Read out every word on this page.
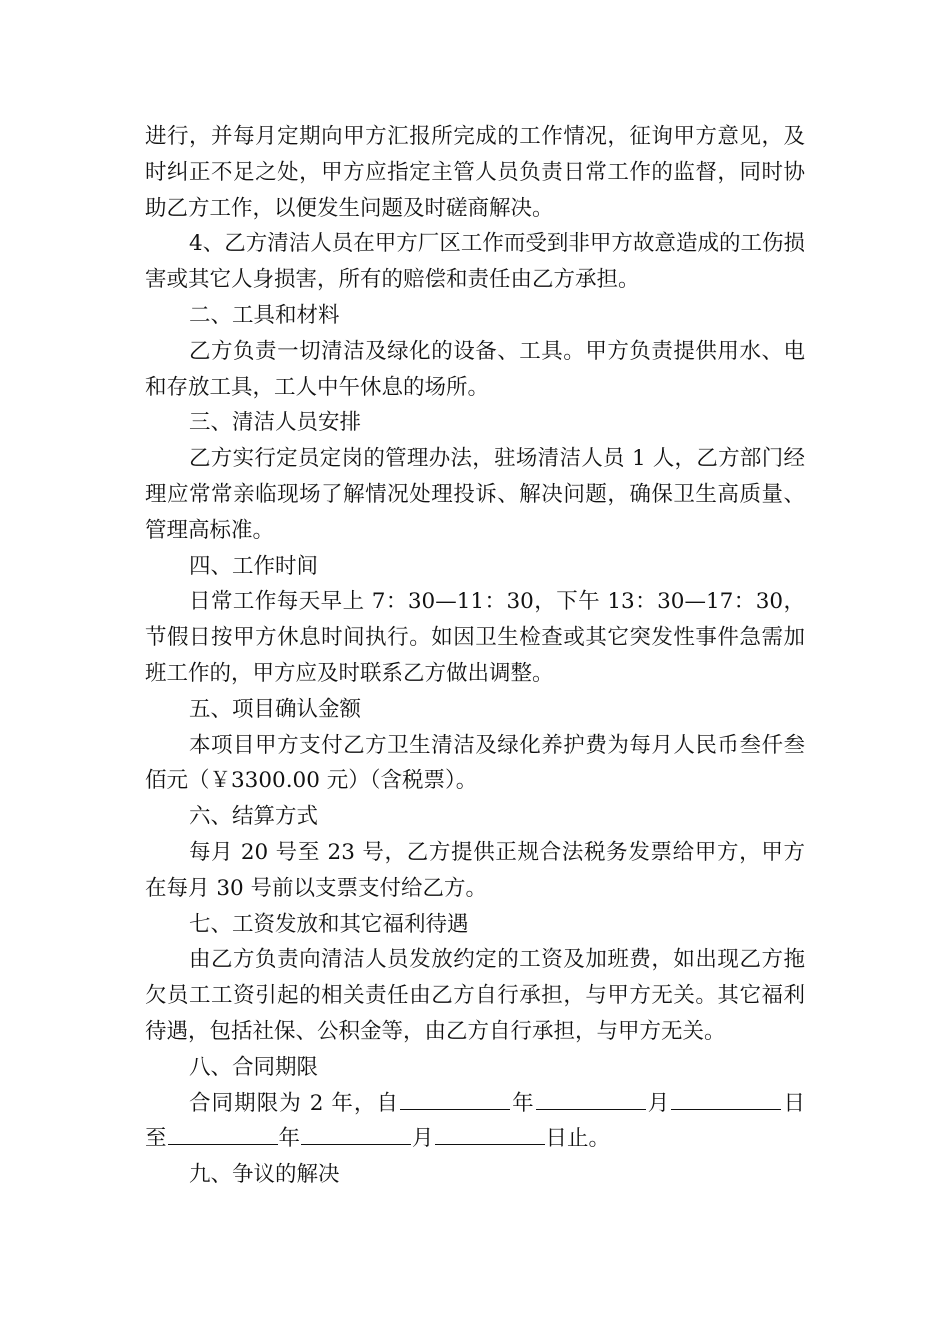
进行，并每月定期向甲方汇报所完成的工作情况，征询甲方意见，及时纠正不足之处，甲方应指定主管人员负责日常工作的监督，同时协助乙方工作，以便发生问题及时磋商解决。

4、乙方清洁人员在甲方厂区工作而受到非甲方故意造成的工伤损害或其它人身损害，所有的赔偿和责任由乙方承担。

二、工具和材料

乙方负责一切清洁及绿化的设备、工具。甲方负责提供用水、电和存放工具，工人中午休息的场所。

三、清洁人员安排

乙方实行定员定岗的管理办法，驻场清洁人员 1 人，乙方部门经理应常常亲临现场了解情况处理投诉、解决问题，确保卫生高质量、管理高标准。

四、工作时间

日常工作每天早上 7：30—11：30，下午 13：30—17：30，节假日按甲方休息时间执行。如因卫生检查或其它突发性事件急需加班工作的，甲方应及时联系乙方做出调整。

五、项目确认金额

本项目甲方支付乙方卫生清洁及绿化养护费为每月人民币叁仟叁佰元（￥3300.00 元）（含税票）。

六、结算方式

每月 20 号至 23 号，乙方提供正规合法税务发票给甲方，甲方在每月 30 号前以支票支付给乙方。

七、工资发放和其它福利待遇

由乙方负责向清洁人员发放约定的工资及加班费，如出现乙方拖欠员工工资引起的相关责任由乙方自行承担，与甲方无关。其它福利待遇，包括社保、公积金等，由乙方自行承担，与甲方无关。

八、合同期限

合同期限为 2 年，自	年	月	日至	年	月	日止。

九、争议的解决
